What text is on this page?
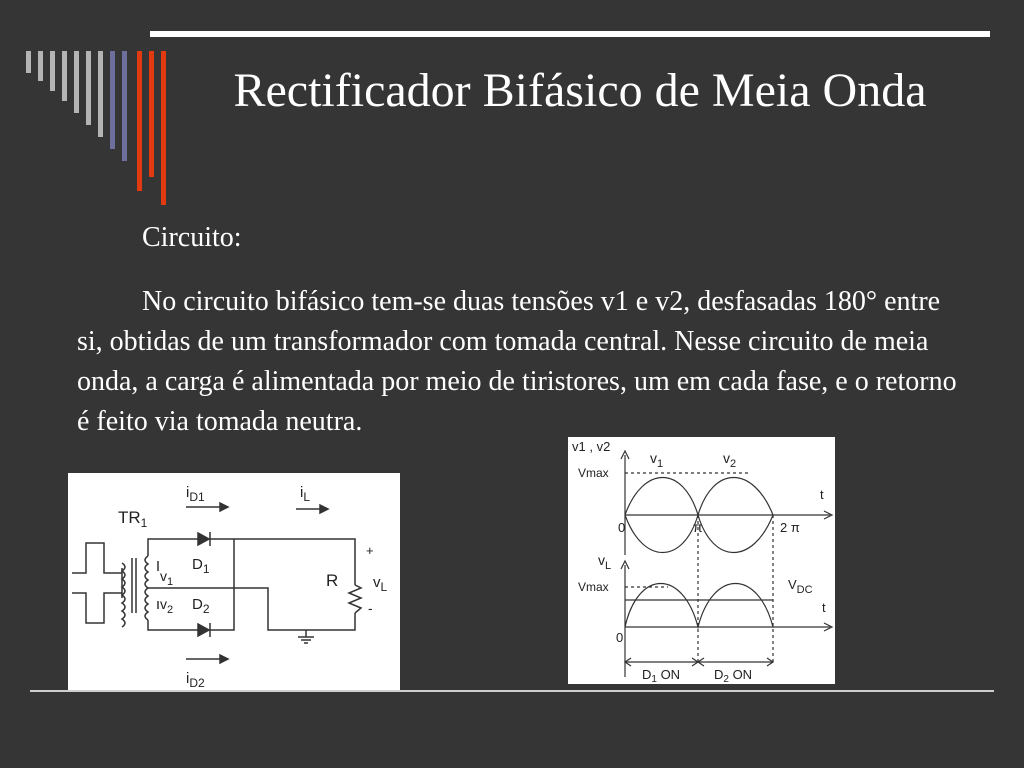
Rectificador Bifásico de Meia Onda

Circuito:

No circuito bifásico tem-se duas tensões v1 e v2, desfasadas 180° entre si, obtidas de um transformador com tomada central. Nesse circuito de meia onda, a carga é alimentada por meio de tiristores, um em cada fase, e o retorno é feito via tomada neutra.

$TR_1$
$i_{D1}$	$i_L$
$v_1$
$v_2$
$D_1$
$D_2$
R $v_L$
+
-
$i_{D2}$
v1 , v2
Vmax
$v_1$	$v_2$
t
0	π	2 π
$v_L$
Vmax	$V_{DC}$
t
0
$D_1$ ON	$D_2$ ON
